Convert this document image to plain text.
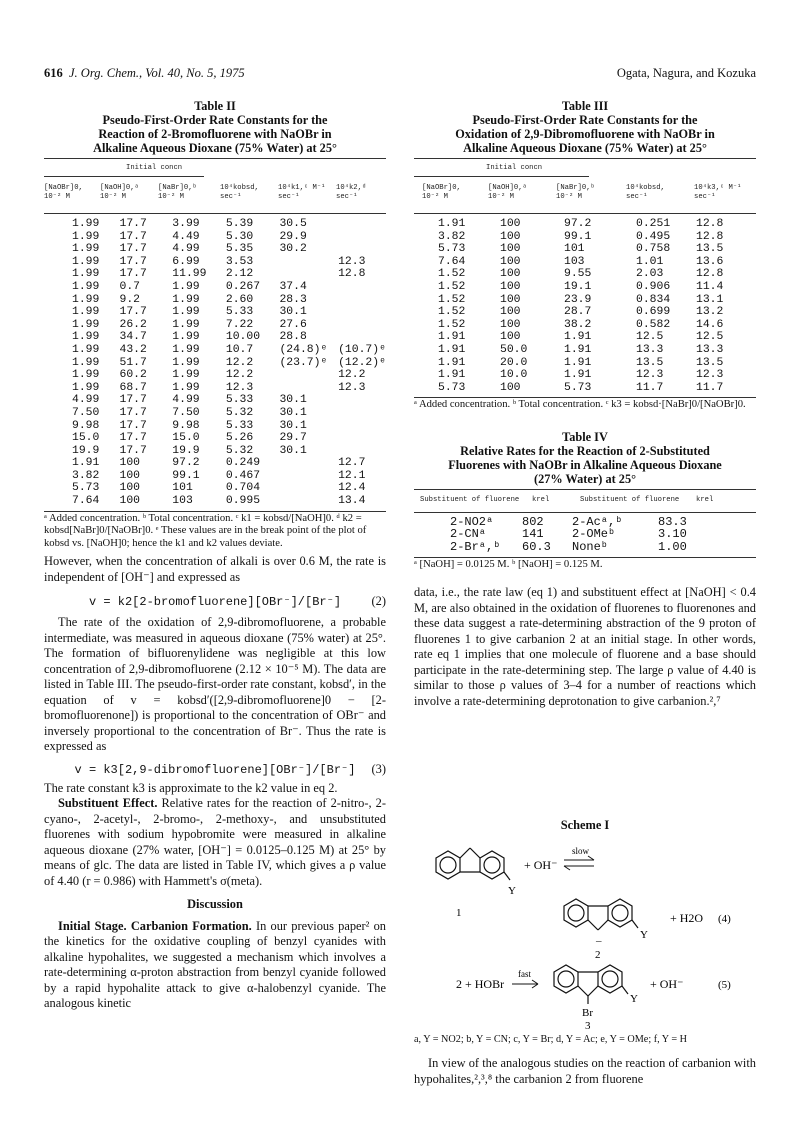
616 J. Org. Chem., Vol. 40, No. 5, 1975	Ogata, Nagura, and Kozuka
Table II
Pseudo-First-Order Rate Constants for the
Reaction of 2-Bromofluorene with NaOBr in
Alkaline Aqueous Dioxane (75% Water) at 25°
Initial concn
[NaOBr]0, 10⁻² M
[NaOH]0,ᵃ 10⁻² M
[NaBr]0,ᵇ 10⁻² M
10⁴kobsd, sec⁻¹
10⁴k1,ᶜ M⁻¹ sec⁻¹
10⁴k2,ᵈ sec⁻¹
1.99	17.7	3.99	5.39	30.5	
1.99	17.7	4.49	5.30	29.9	
1.99	17.7	4.99	5.35	30.2	
1.99	17.7	6.99	3.53		12.3
1.99	17.7	11.99	2.12		12.8
1.99	0.7	1.99	0.267	37.4	
1.99	9.2	1.99	2.60	28.3	
1.99	17.7	1.99	5.33	30.1	
1.99	26.2	1.99	7.22	27.6	
1.99	34.7	1.99	10.00	28.8	
1.99	43.2	1.99	10.7	(24.8)ᵉ	(10.7)ᵉ
1.99	51.7	1.99	12.2	(23.7)ᵉ	(12.2)ᵉ
1.99	60.2	1.99	12.2		12.2
1.99	68.7	1.99	12.3		12.3
4.99	17.7	4.99	5.33	30.1	
7.50	17.7	7.50	5.32	30.1	
9.98	17.7	9.98	5.33	30.1	
15.0	17.7	15.0	5.26	29.7	
19.9	17.7	19.9	5.32	30.1	
1.91	100	97.2	0.249		12.7
3.82	100	99.1	0.467		12.1
5.73	100	101	0.704		12.4
7.64	100	103	0.995		13.4
ᵃ Added concentration. ᵇ Total concentration. ᶜ k1 = kobsd/[NaOH]0. ᵈ k2 = kobsd[NaBr]0/[NaOBr]0. ᵉ These values are in the break point of the plot of kobsd vs. [NaOH]0; hence the k1 and k2 values deviate.

However, when the concentration of alkali is over 0.6 M, the rate is independent of [OH⁻] and expressed as

v = k2[2-bromofluorene][OBr⁻]/[Br⁻] (2)

The rate of the oxidation of 2,9-dibromofluorene, a probable intermediate, was measured in aqueous dioxane (75% water) at 25°. The formation of bifluorenylidene was negligible at this low concentration of 2,9-dibromofluorene (2.12 × 10⁻⁵ M). The data are listed in Table III. The pseudo-first-order rate constant, kobsd′, in the equation of v = kobsd′([2,9-dibromofluorene]0 − [2-bromofluorenone]) is proportional to the concentration of OBr⁻ and inversely proportional to the concentration of Br⁻. Thus the rate is expressed as

v = k3[2,9-dibromofluorene][OBr⁻]/[Br⁻] (3)

The rate constant k3 is approximate to the k2 value in eq 2.

Substituent Effect. Relative rates for the reaction of 2-nitro-, 2-cyano-, 2-acetyl-, 2-bromo-, 2-methoxy-, and unsubstituted fluorenes with sodium hypobromite were measured in alkaline aqueous dioxane (27% water, [OH⁻] = 0.0125–0.125 M) at 25° by means of glc. The data are listed in Table IV, which gives a ρ value of 4.40 (r = 0.986) with Hammett's σ(meta).

Discussion

Initial Stage. Carbanion Formation. In our previous paper² on the kinetics for the oxidative coupling of benzyl cyanides with alkaline hypohalites, we suggested a mechanism which involves a rate-determining α-proton abstraction from benzyl cyanide followed by a rapid hypohalite attack to give α-halobenzyl cyanide. The analogous kinetic

Table III
Pseudo-First-Order Rate Constants for the
Oxidation of 2,9-Dibromofluorene with NaOBr in
Alkaline Aqueous Dioxane (75% Water) at 25°
Initial concn
[NaOBr]0, 10⁻² M
[NaOH]0,ᵃ 10⁻² M
[NaBr]0,ᵇ 10⁻² M
10⁴kobsd, sec⁻¹
10⁴k3,ᶜ M⁻¹ sec⁻¹
1.91	100	97.2	0.251	12.8
3.82	100	99.1	0.495	12.8
5.73	100	101	0.758	13.5
7.64	100	103	1.01	13.6
1.52	100	9.55	2.03	12.8
1.52	100	19.1	0.906	11.4
1.52	100	23.9	0.834	13.1
1.52	100	28.7	0.699	13.2
1.52	100	38.2	0.582	14.6
1.91	100	1.91	12.5	12.5
1.91	50.0	1.91	13.3	13.3
1.91	20.0	1.91	13.5	13.5
1.91	10.0	1.91	12.3	12.3
5.73	100	5.73	11.7	11.7
ᵃ Added concentration. ᵇ Total concentration. ᶜ k3 = kobsd·[NaBr]0/[NaOBr]0.
Table IV
Relative Rates for the Reaction of 2-Substituted
Fluorenes with NaOBr in Alkaline Aqueous Dioxane
(27% Water) at 25°
Substituent of fluorene krel	Substituent of fluorene krel
2-NO2ᵃ	802	2-Acᵃ,ᵇ	83.3
2-CNᵃ	141	2-OMeᵇ	3.10
2-Brᵃ,ᵇ	60.3	Noneᵇ	1.00
ᵃ [NaOH] = 0.0125 M. ᵇ [NaOH] = 0.125 M.

data, i.e., the rate law (eq 1) and substituent effect at [NaOH] < 0.4 M, are also obtained in the oxidation of fluorenes to fluorenones and these data suggest a rate-determining abstraction of the 9 proton of fluorenes 1 to give carbanion 2 at an initial stage. In other words, rate eq 1 implies that one molecule of fluorene and a base should participate in the rate-determining step. The large ρ value of 4.40 is similar to those ρ values of 3–4 for a number of reactions which involve a rate-determining deprotonation to give carbanion.²,⁷

Scheme I
Y
+ OH⁻
slow
1
–	Y
+ H2O (4)
2
2 + HOBr
fast
Br
Y
+ OH⁻	(5)
3
a, Y = NO2; b, Y = CN; c, Y = Br; d, Y = Ac; e, Y = OMe; f, Y = H

In view of the analogous studies on the reaction of carbanion with hypohalites,²,³,⁸ the carbanion 2 from fluorene
